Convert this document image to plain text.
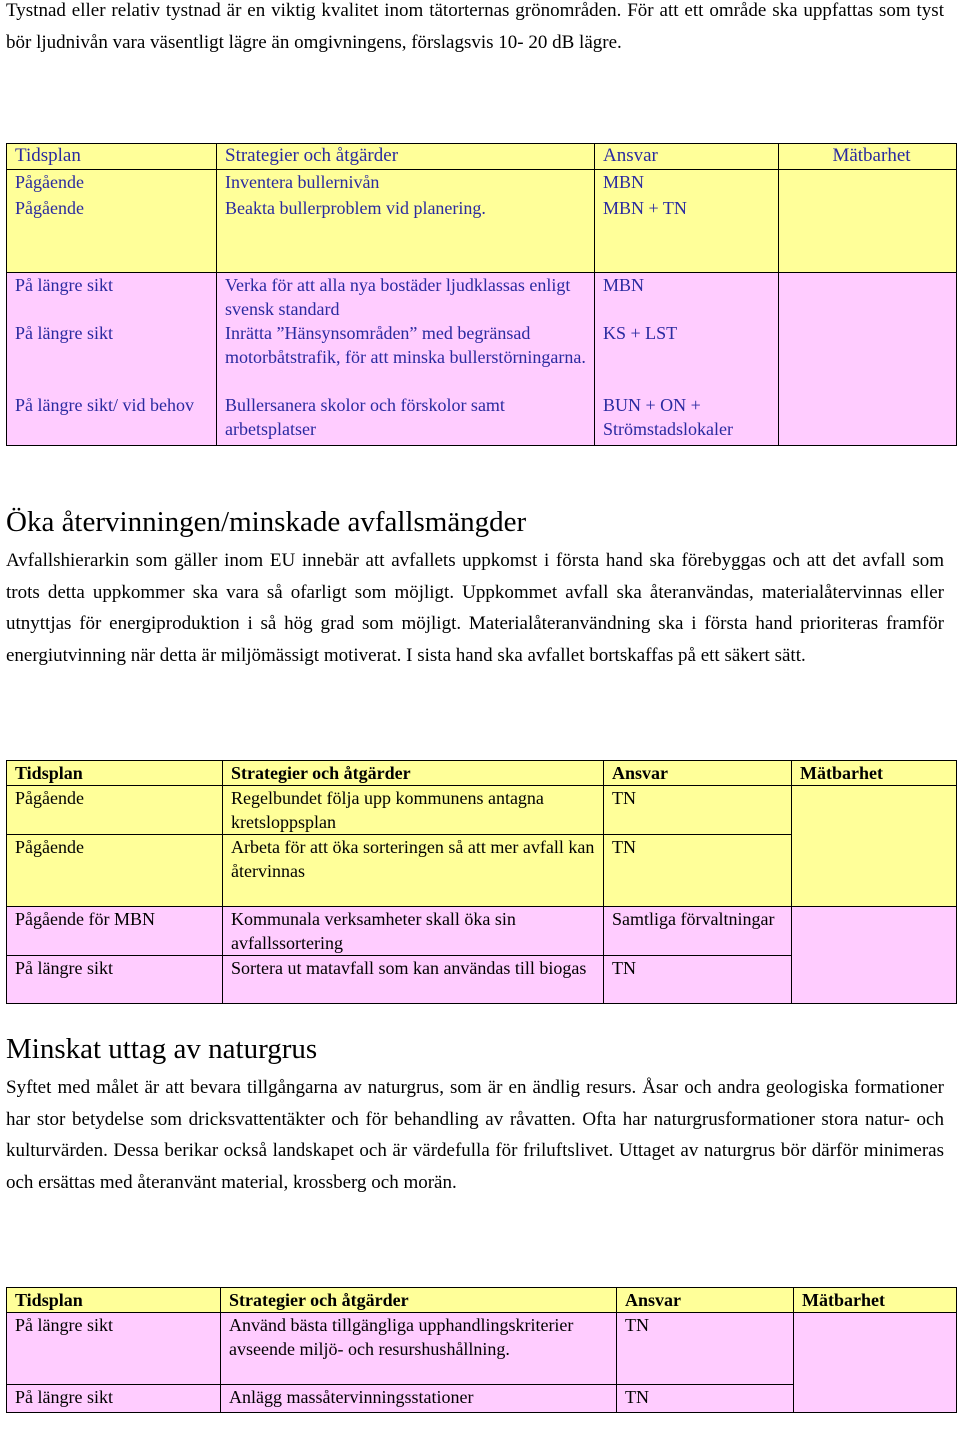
Tystnad eller relativ tystnad är en viktig kvalitet inom tätorternas grönområden. För att ett område ska uppfattas som tyst bör ljudnivån vara väsentligt lägre än omgivningens, förslagsvis 10- 20 dB lägre.

Tidsplan	Strategier och åtgärder	Ansvar	Mätbarhet
Pågående	Inventera bullernivån	MBN	
Pågående	Beakta bullerproblem vid planering.	MBN + TN	
På längre sikt	Verka för att alla nya bostäder ljudklassas enligt svensk standard	MBN	
På längre sikt	Inrätta ”Hänsynsområden” med begränsad motorbåtstrafik, för att minska bullerstörningarna.	KS + LST	
På längre sikt/ vid behov	Bullersanera skolor och förskolor samt arbetsplatser	BUN + ON + Strömstadslokaler	
Öka återvinningen/minskade avfallsmängder

Avfallshierarkin som gäller inom EU innebär att avfallets uppkomst i första hand ska förebyggas och att det avfall som trots detta uppkommer ska vara så ofarligt som möjligt. Uppkommet avfall ska återanvändas, materialåtervinnas eller utnyttjas för energiproduktion i så hög grad som möjligt. Materialåteranvändning ska i första hand prioriteras framför energiutvinning när detta är miljömässigt motiverat. I sista hand ska avfallet bortskaffas på ett säkert sätt.

Tidsplan	Strategier och åtgärder	Ansvar	Mätbarhet
Pågående	Regelbundet följa upp kommunens antagna kretsloppsplan	TN	
Pågående	Arbeta för att öka sorteringen så att mer avfall kan återvinnas	TN	
Pågående för MBN	Kommunala verksamheter skall öka sin avfallssortering	Samtliga förvaltningar	
På längre sikt	Sortera ut matavfall som kan användas till biogas	TN	
Minskat uttag av naturgrus

Syftet med målet är att bevara tillgångarna av naturgrus, som är en ändlig resurs. Åsar och andra geologiska formationer har stor betydelse som dricksvattentäkter och för behandling av råvatten. Ofta har naturgrusformationer stora natur- och kulturvärden. Dessa berikar också landskapet och är värdefulla för friluftslivet. Uttaget av naturgrus bör därför minimeras och ersättas med återanvänt material, krossberg och morän.

Tidsplan	Strategier och åtgärder	Ansvar	Mätbarhet
På längre sikt	Använd bästa tillgängliga upphandlingskriterier avseende miljö- och resurshushållning.	TN	
På längre sikt	Anlägg massåtervinningsstationer	TN	
